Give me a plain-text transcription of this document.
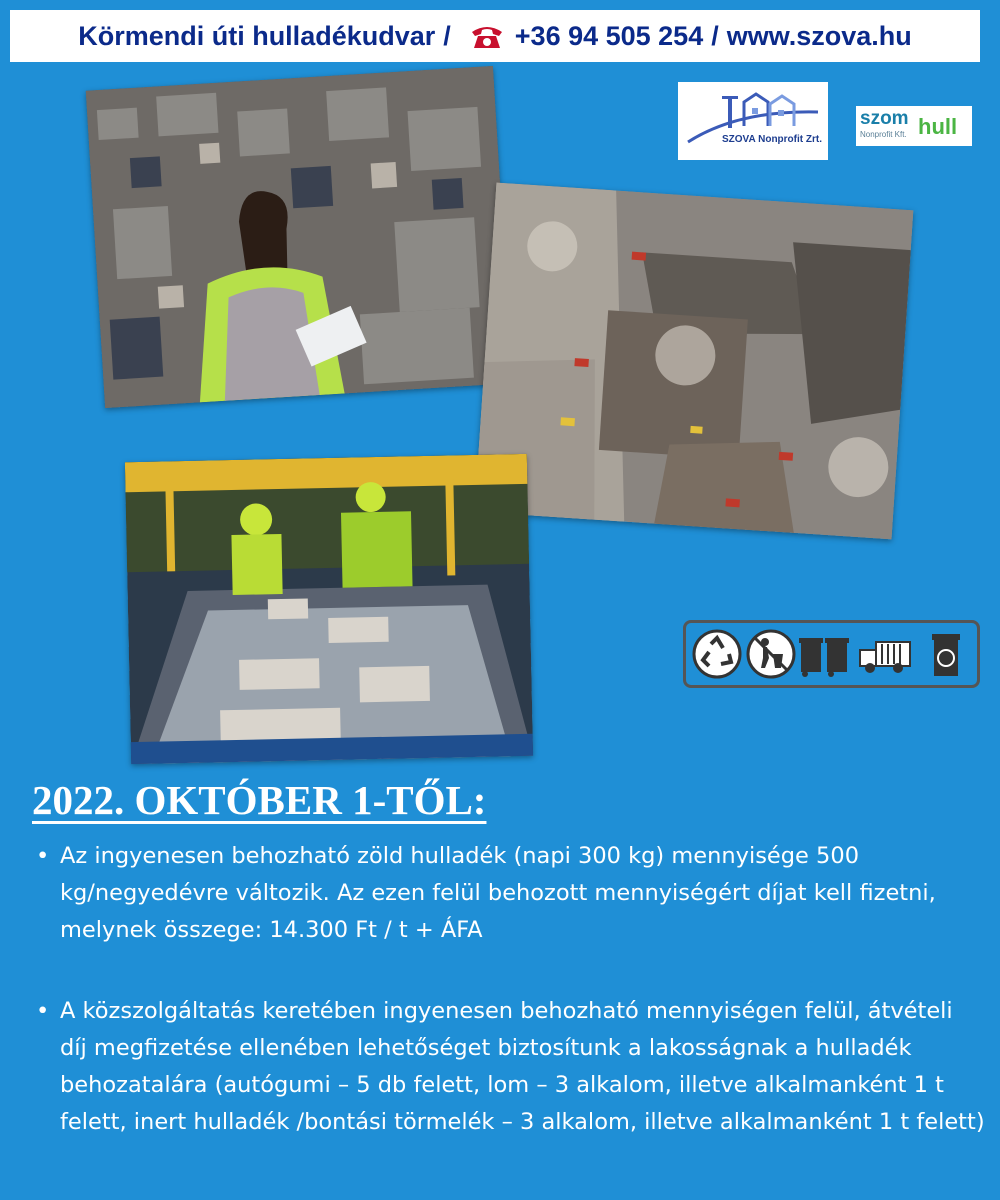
Körmendi úti hulladékudvar / +36 94 505 254 / www.szova.hu
SZOVA Nonprofit Zrt.
szom hull
Nonprofit Kft.
2022. OKTÓBER 1-TŐL:
• Az ingyenesen behozható zöld hulladék (napi 300 kg) mennyisége 500 kg/negyedévre változik. Az ezen felül behozott mennyiségért díjat kell fizetni, melynek összege: 14.300 Ft / t + ÁFA
• A közszolgáltatás keretében ingyenesen behozható mennyiségen felül, átvételi díj megfizetése ellenében lehetőséget biztosítunk a lakosságnak a hulladék behozatalára (autógumi – 5 db felett, lom – 3 alkalom, illetve alkalmanként 1 t felett, inert hulladék /bontási törmelék – 3 alkalom, illetve alkalmanként 1 t felett)
